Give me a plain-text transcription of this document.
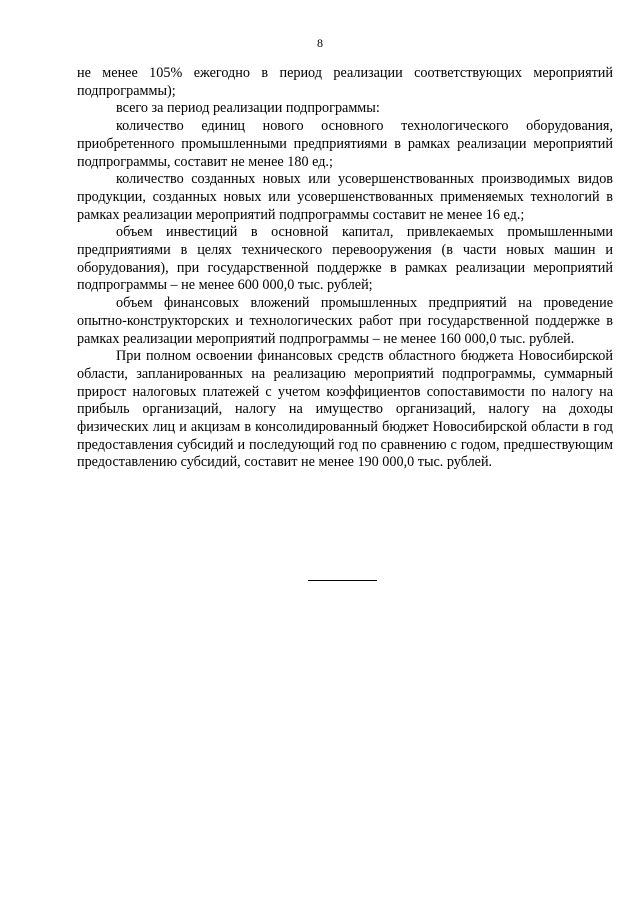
8

не менее 105% ежегодно в период реализации соответствующих мероприятий подпрограммы);

всего за период реализации подпрограммы:

количество единиц нового основного технологического оборудования, приобретенного промышленными предприятиями в рамках реализации мероприятий подпрограммы, составит не менее 180 ед.;

количество созданных новых или усовершенствованных производимых видов продукции, созданных новых или усовершенствованных применяемых технологий в рамках реализации мероприятий подпрограммы составит не менее 16 ед.;

объем инвестиций в основной капитал, привлекаемых промышленными предприятиями в целях технического перевооружения (в части новых машин и оборудования), при государственной поддержке в рамках реализации мероприятий подпрограммы – не менее 600 000,0 тыс. рублей;

объем финансовых вложений промышленных предприятий на проведение опытно-конструкторских и технологических работ при государственной поддержке в рамках реализации мероприятий подпрограммы – не менее 160 000,0 тыс. рублей.

При полном освоении финансовых средств областного бюджета Новосибирской области, запланированных на реализацию мероприятий подпрограммы, суммарный прирост налоговых платежей с учетом коэффициентов сопоставимости по налогу на прибыль организаций, налогу на имущество организаций, налогу на доходы физических лиц и акцизам в консолидированный бюджет Новосибирской области в год предоставления субсидий и последующий год по сравнению с годом, предшествующим предоставлению субсидий, составит не менее 190 000,0 тыс. рублей.
